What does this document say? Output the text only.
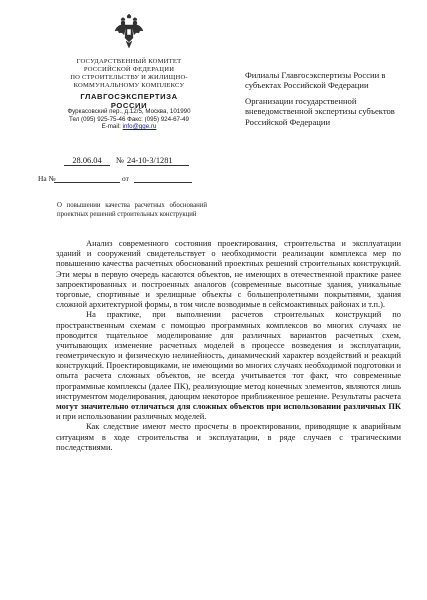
ГОСУДАРСТВЕННЫЙ КОМИТЕТ
РОССИЙСКОЙ ФЕДЕРАЦИИ
ПО СТРОИТЕЛЬСТВУ И ЖИЛИЩНО-
КОММУНАЛЬНОМУ КОМПЛЕКСУ
ГЛАВГОСЭКСПЕРТИЗА РОССИИ
Фуркасовский пер., д.12/5, Москва, 101990
Тел (095) 925-75-46 Факс: (095) 924-67-49
E-mail: info@gge.ru
28.06.04	№ 24-10-3/1281
На №	от
Филиалы Главгосэкспертизы России в субъектах Российской Федерации
Организации государственной вневедомственной экспертизы субъектов Российской Федерации
О повышении качества расчетных обоснований проектных решений строительных конструкций

Анализ современного состояния проектирования, строительства и эксплуатации зданий и сооружений свидетельствует о необходимости реализации комплекса мер по повышению качества расчетных обоснований проектных решений строительных конструкций. Эти меры в первую очередь касаются объектов, не имеющих в отечественной практике ранее запроектированных и построенных аналогов (современные высотные здания, уникальные торговые, спортивные и зрелищные объекты с большепролетными покрытиями, здания сложной архитектурной формы, в том числе возводимые в сейсмоактивных районах и т.п.).

На практике, при выполнении расчетов строительных конструкций по пространственным схемам с помощью программных комплексов во многих случаях не проводится тщательное моделирование для различных вариантов расчетных схем, учитывающих изменение расчетных моделей в процессе возведения и эксплуатации, геометрическую и физическую нелинейность, динамический характер воздействий и реакций конструкций. Проектировщиками, не имеющими во многих случаях необходимой подготовки и опыта расчета сложных объектов, не всегда учитывается тот факт, что современные программные комплексы (далее ПК), реализующие метод конечных элементов, являются лишь инструментом моделирования, дающим некоторое приближенное решение. Результаты расчета могут значительно отличаться для сложных объектов при использовании различных ПК и при использовании различных моделей.

Как следствие имеют место просчеты в проектировании, приводящие к аварийным ситуациям в ходе строительства и эксплуатации, в ряде случаев с трагическими последствиями.
